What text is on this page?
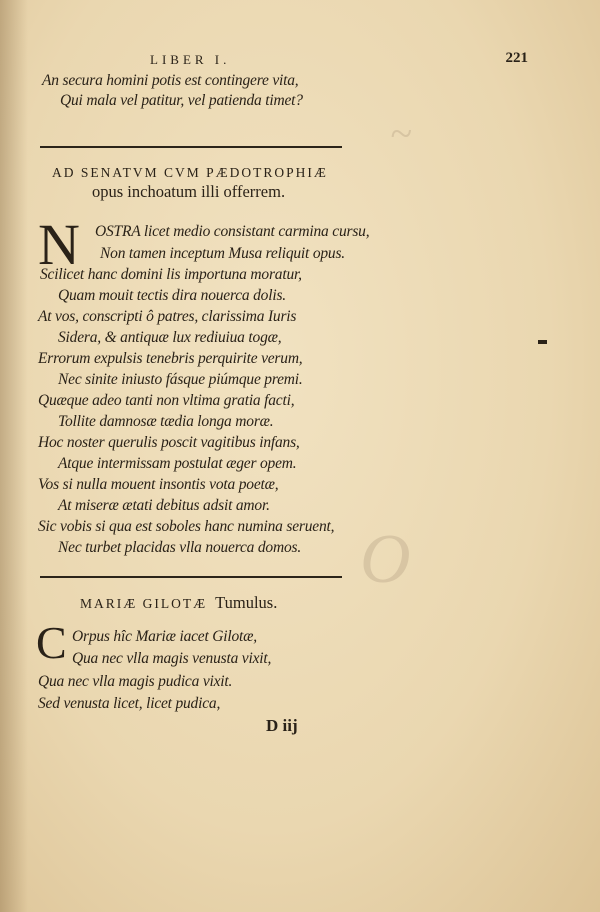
~
O
LIBER I.	221
An secura homini potis est contingere vita,
Qui mala vel patitur, vel patienda timet?
AD SENATVM CVM PÆDOTROPHIÆ
opus inchoatum illi offerrem.
N OSTRA licet medio consistant carmina cursu,
Non tamen inceptum Musa reliquit opus.
Scilicet hanc domini lis importuna moratur,
Quam mouit tectis dira nouerca dolis.
At vos, conscripti ô patres, clarissima Iuris
Sidera, & antiquæ lux rediuiua togæ,
Errorum expulsis tenebris perquirite verum,
Nec sinite iniusto fásque piúmque premi.
Quæque adeo tanti non vltima gratia facti,
Tollite damnosæ tædia longa moræ.
Hoc noster querulis poscit vagitibus infans,
Atque intermissam postulat æger opem.
Vos si nulla mouent insontis vota poetæ,
At miseræ ætati debitus adsit amor.
Sic vobis si qua est soboles hanc numina seruent,
Nec turbet placidas vlla nouerca domos.
MARIÆ GILOTÆ Tumulus.
C Orpus hîc Mariæ iacet Gilotæ,
Qua nec vlla magis venusta vixit,
Qua nec vlla magis pudica vixit.
Sed venusta licet, licet pudica,
D iij
